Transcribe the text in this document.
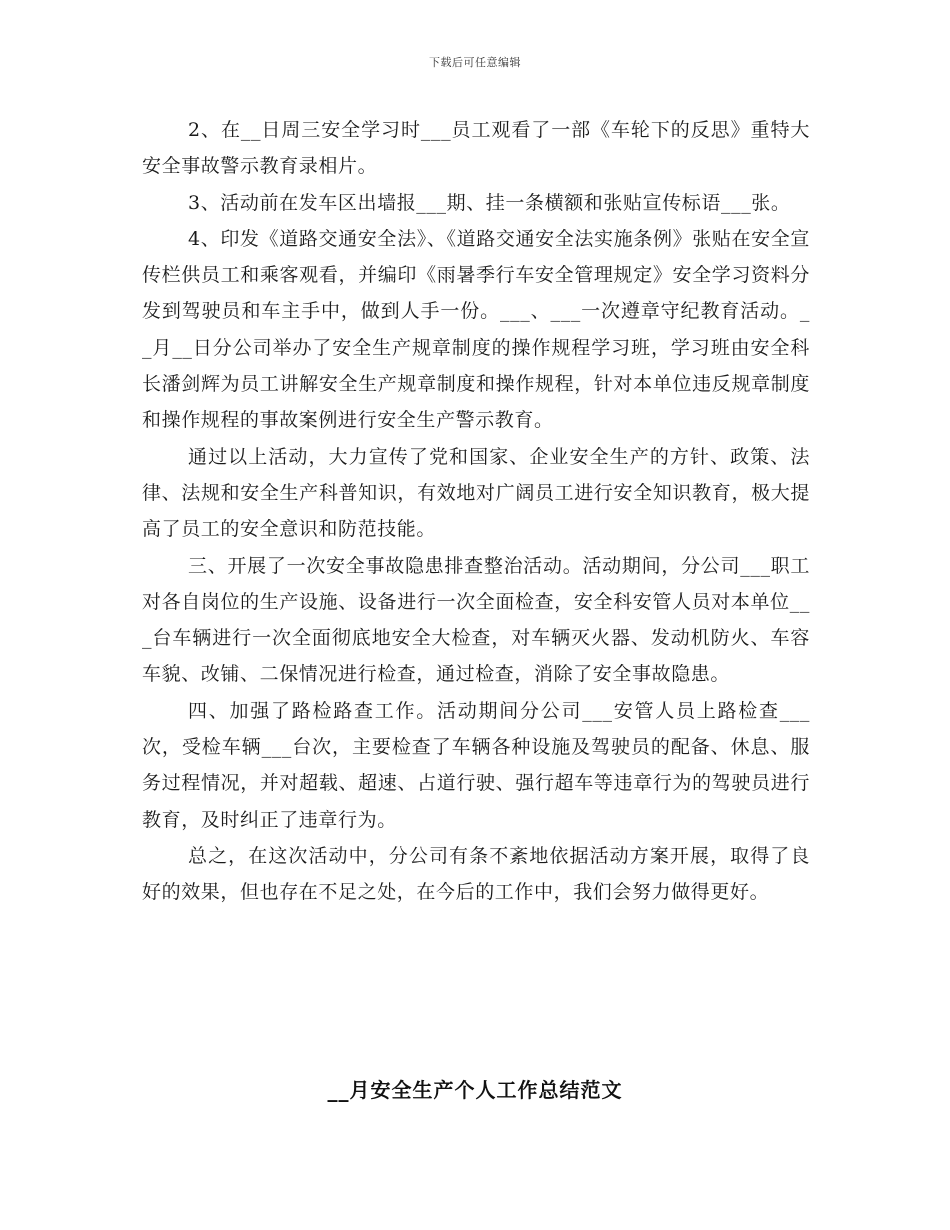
下载后可任意编辑

2、在__日周三安全学习时___员工观看了一部《车轮下的反思》重特大安全事故警示教育录相片。

3、活动前在发车区出墙报___期、挂一条横额和张贴宣传标语___张。

4、印发《道路交通安全法》、《道路交通安全法实施条例》张贴在安全宣传栏供员工和乘客观看，并编印《雨暑季行车安全管理规定》安全学习资料分发到驾驶员和车主手中，做到人手一份。___、___一次遵章守纪教育活动。__月__日分公司举办了安全生产规章制度的操作规程学习班，学习班由安全科长潘剑辉为员工讲解安全生产规章制度和操作规程，针对本单位违反规章制度和操作规程的事故案例进行安全生产警示教育。

通过以上活动，大力宣传了党和国家、企业安全生产的方针、政策、法律、法规和安全生产科普知识，有效地对广阔员工进行安全知识教育，极大提高了员工的安全意识和防范技能。

三、开展了一次安全事故隐患排查整治活动。活动期间，分公司___职工对各自岗位的生产设施、设备进行一次全面检查，安全科安管人员对本单位___台车辆进行一次全面彻底地安全大检查，对车辆灭火器、发动机防火、车容车貌、改铺、二保情况进行检查，通过检查，消除了安全事故隐患。

四、加强了路检路查工作。活动期间分公司___安管人员上路检查___次，受检车辆___台次，主要检查了车辆各种设施及驾驶员的配备、休息、服务过程情况，并对超载、超速、占道行驶、强行超车等违章行为的驾驶员进行教育，及时纠正了违章行为。

总之，在这次活动中，分公司有条不紊地依据活动方案开展，取得了良好的效果，但也存在不足之处，在今后的工作中，我们会努力做得更好。

__月安全生产个人工作总结范文
